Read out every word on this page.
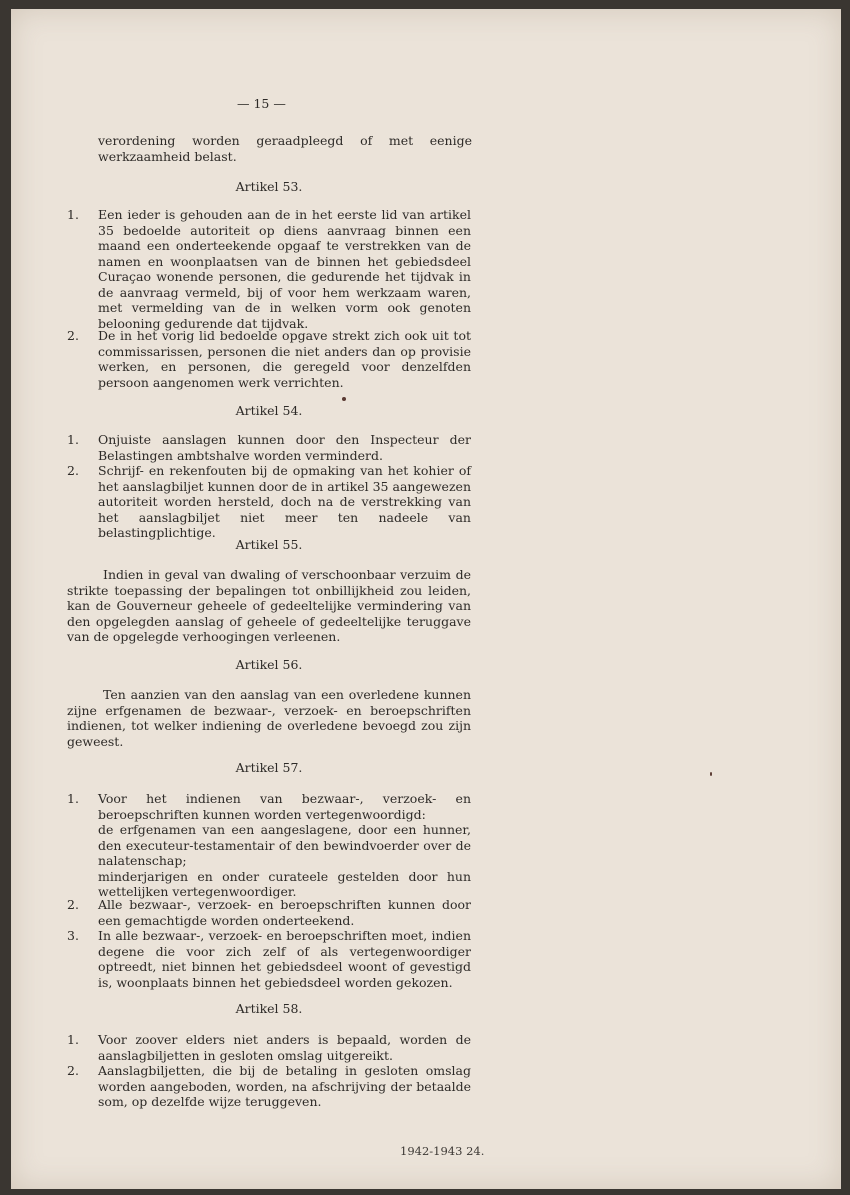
— 15 —

verordening worden geraadpleegd of met eenige werkzaamheid belast.

Artikel 53.
1. Een ieder is gehouden aan de in het eerste lid van artikel 35 bedoelde autoriteit op diens aanvraag binnen een maand een onderteekende opgaaf te verstrekken van de namen en woonplaatsen van de binnen het gebiedsdeel Curaçao wonende personen, die gedurende het tijdvak in de aanvraag vermeld, bij of voor hem werkzaam waren, met vermelding van de in welken vorm ook genoten belooning gedurende dat tijdvak.

2. De in het vorig lid bedoelde opgave strekt zich ook uit tot commissarissen, personen die niet anders dan op provisie werken, en personen, die geregeld voor denzelfden persoon aangenomen werk verrichten.

Artikel 54.
1. Onjuiste aanslagen kunnen door den Inspecteur der Belastingen ambtshalve worden verminderd.

2. Schrijf- en rekenfouten bij de opmaking van het kohier of het aanslagbiljet kunnen door de in artikel 35 aangewezen autoriteit worden hersteld, doch na de verstrekking van het aanslagbiljet niet meer ten nadeele van belastingplichtige.

Artikel 55.

Indien in geval van dwaling of verschoonbaar verzuim de strikte toepassing der bepalingen tot onbillijkheid zou leiden, kan de Gouverneur geheele of gedeeltelijke vermindering van den opgelegden aanslag of geheele of gedeeltelijke teruggave van de opgelegde verhoogingen verleenen.

Artikel 56.

Ten aanzien van den aanslag van een overledene kunnen zijne erfgenamen de bezwaar-, verzoek- en beroepschriften indienen, tot welker indiening de overledene bevoegd zou zijn geweest.

Artikel 57.
1. Voor het indienen van bezwaar-, verzoek- en beroepschriften kunnen worden vertegenwoordigd:

de erfgenamen van een aangeslagene, door een hunner, den executeur-testamentair of den bewindvoerder over de nalatenschap;

minderjarigen en onder curateele gestelden door hun wettelijken vertegenwoordiger.

2. Alle bezwaar-, verzoek- en beroepschriften kunnen door een gemachtigde worden onderteekend.

3. In alle bezwaar-, verzoek- en beroepschriften moet, indien degene die voor zich zelf of als vertegenwoordiger optreedt, niet binnen het gebiedsdeel woont of gevestigd is, woonplaats binnen het gebiedsdeel worden gekozen.

Artikel 58.
1. Voor zoover elders niet anders is bepaald, worden de aanslagbiljetten in gesloten omslag uitgereikt.

2. Aanslagbiljetten, die bij de betaling in gesloten omslag worden aangeboden, worden, na afschrijving der betaalde som, op dezelfde wijze teruggeven.

1942-1943 24.
